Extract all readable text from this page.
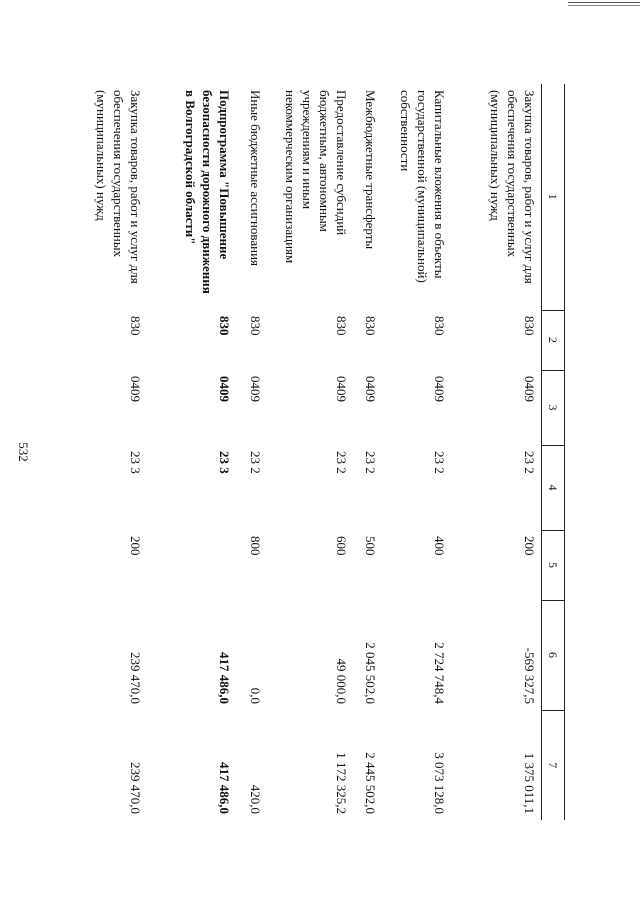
532
1	2	3	4	5	6	7
Закупка товаров, работ и услуг для обеспечения государственных (муниципальных) нужд	830	0409	23 2	200	-569 327,5	1 375 011,1
Капитальные вложения в объекты государственной (муниципальной) собственности	830	0409	23 2	400	2 724 748,4	3 073 128,0
Межбюджетные трансферты	830	0409	23 2	500	2 045 502,0	2 445 502,0
Предоставление субсидий бюджетным, автономным учреждениям и иным некоммерческим организациям	830	0409	23 2	600	49 000,0	1 172 325,2
Иные бюджетные ассигнования	830	0409	23 2	800	0,0	420,0
Подпрограмма "Повышение безопасности дорожного движения в Волгоградской области"	830	0409	23 3		417 486,0	417 486,0
Закупка товаров, работ и услуг для обеспечения государственных (муниципальных) нужд	830	0409	23 3	200	239 470,0	239 470,0
